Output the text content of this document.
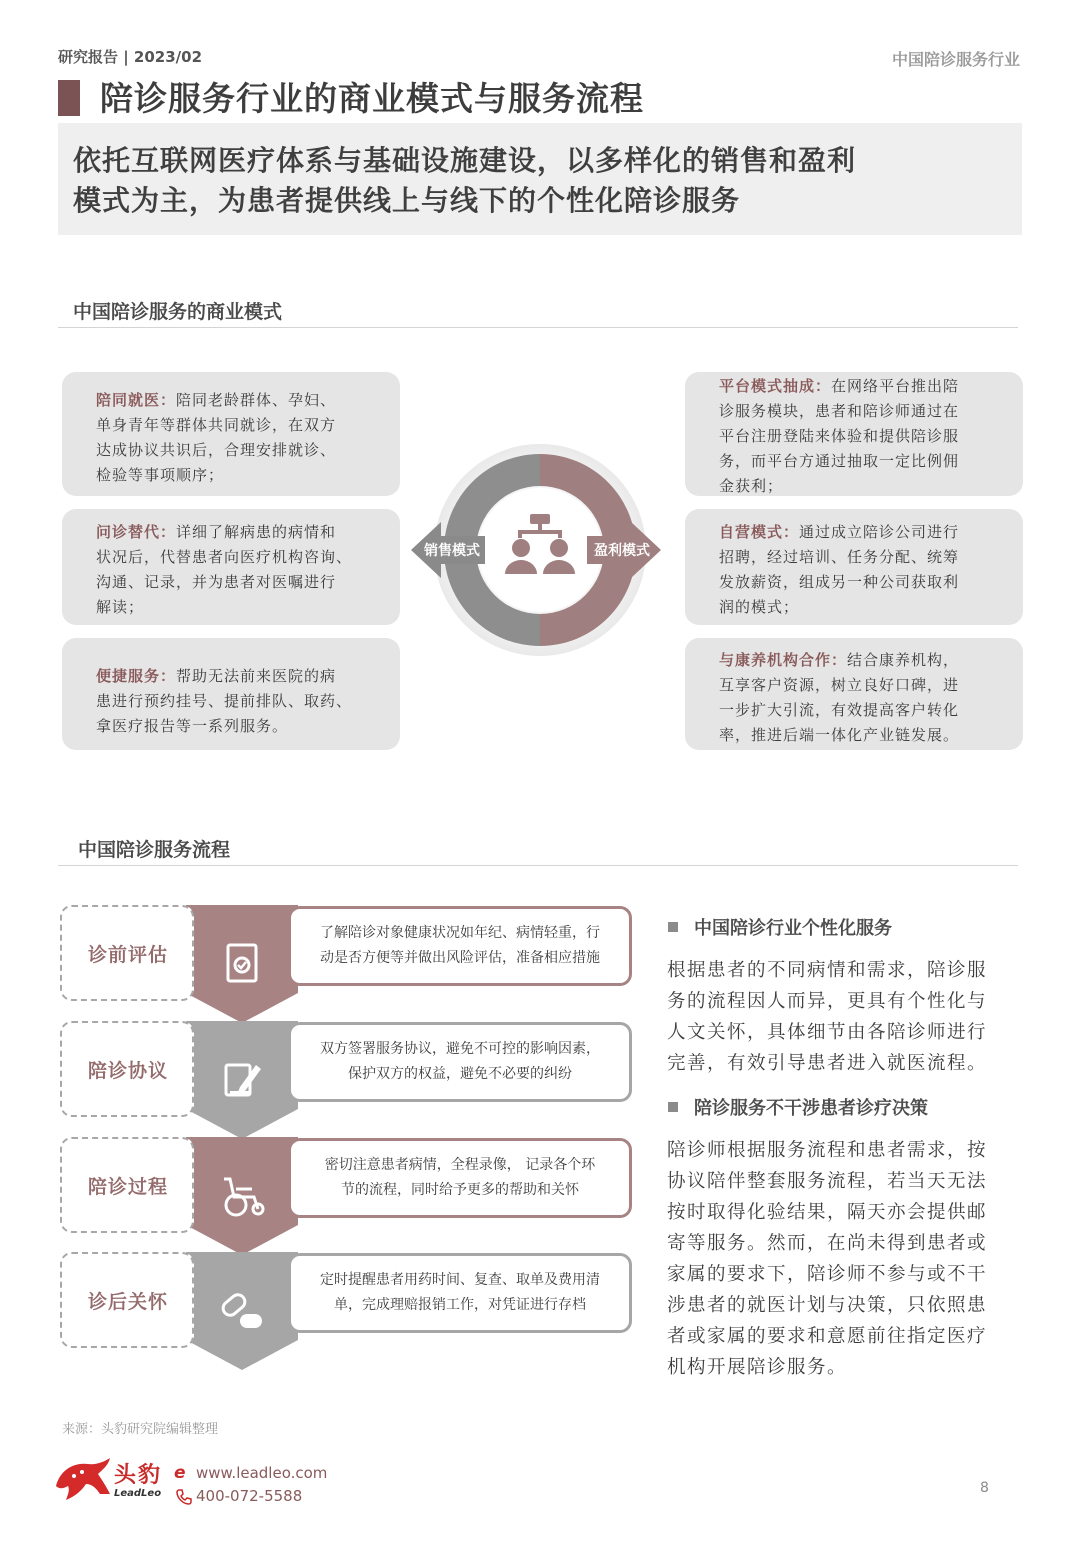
研究报告 | 2023/02	中国陪诊服务行业
陪诊服务行业的商业模式与服务流程
依托互联网医疗体系与基础设施建设，以多样化的销售和盈利
模式为主，为患者提供线上与线下的个性化陪诊服务
中国陪诊服务的商业模式
陪同就医：陪同老龄群体、孕妇、
单身青年等群体共同就诊，在双方
达成协议共识后，合理安排就诊、
检验等事项顺序；
问诊替代：详细了解病患的病情和
状况后，代替患者向医疗机构咨询、
沟通、记录，并为患者对医嘱进行
解读；
便捷服务：帮助无法前来医院的病
患进行预约挂号、提前排队、取药、
拿医疗报告等一系列服务。
平台模式抽成：在网络平台推出陪
诊服务模块，患者和陪诊师通过在
平台注册登陆来体验和提供陪诊服
务，而平台方通过抽取一定比例佣
金获利；
自营模式：通过成立陪诊公司进行
招聘，经过培训、任务分配、统筹
发放薪资，组成另一种公司获取利
润的模式；
与康养机构合作：结合康养机构，
互享客户资源，树立良好口碑，进
一步扩大引流，有效提高客户转化
率，推进后端一体化产业链发展。
销售模式	盈利模式
中国陪诊服务流程
诊前评估
了解陪诊对象健康状况如年纪、病情轻重，行
动是否方便等并做出风险评估，准备相应措施
陪诊协议
双方签署服务协议，避免不可控的影响因素，
保护双方的权益，避免不必要的纠纷
陪诊过程
密切注意患者病情，全程录像， 记录各个环
节的流程，同时给予更多的帮助和关怀
诊后关怀
定时提醒患者用药时间、复查、取单及费用清
单，完成理赔报销工作，对凭证进行存档
中国陪诊行业个性化服务
根据患者的不同病情和需求，陪诊服
务的流程因人而异，更具有个性化与
人文关怀，具体细节由各陪诊师进行
完善，有效引导患者进入就医流程。
陪诊服务不干涉患者诊疗决策
陪诊师根据服务流程和患者需求，按
协议陪伴整套服务流程，若当天无法
按时取得化验结果，隔天亦会提供邮
寄等服务。然而，在尚未得到患者或
家属的要求下，陪诊师不参与或不干
涉患者的就医计划与决策，只依照患
者或家属的要求和意愿前往指定医疗
机构开展陪诊服务。
来源：头豹研究院编辑整理
头豹
LeadLeo
e www.leadleo.com
400-072-5588	8
